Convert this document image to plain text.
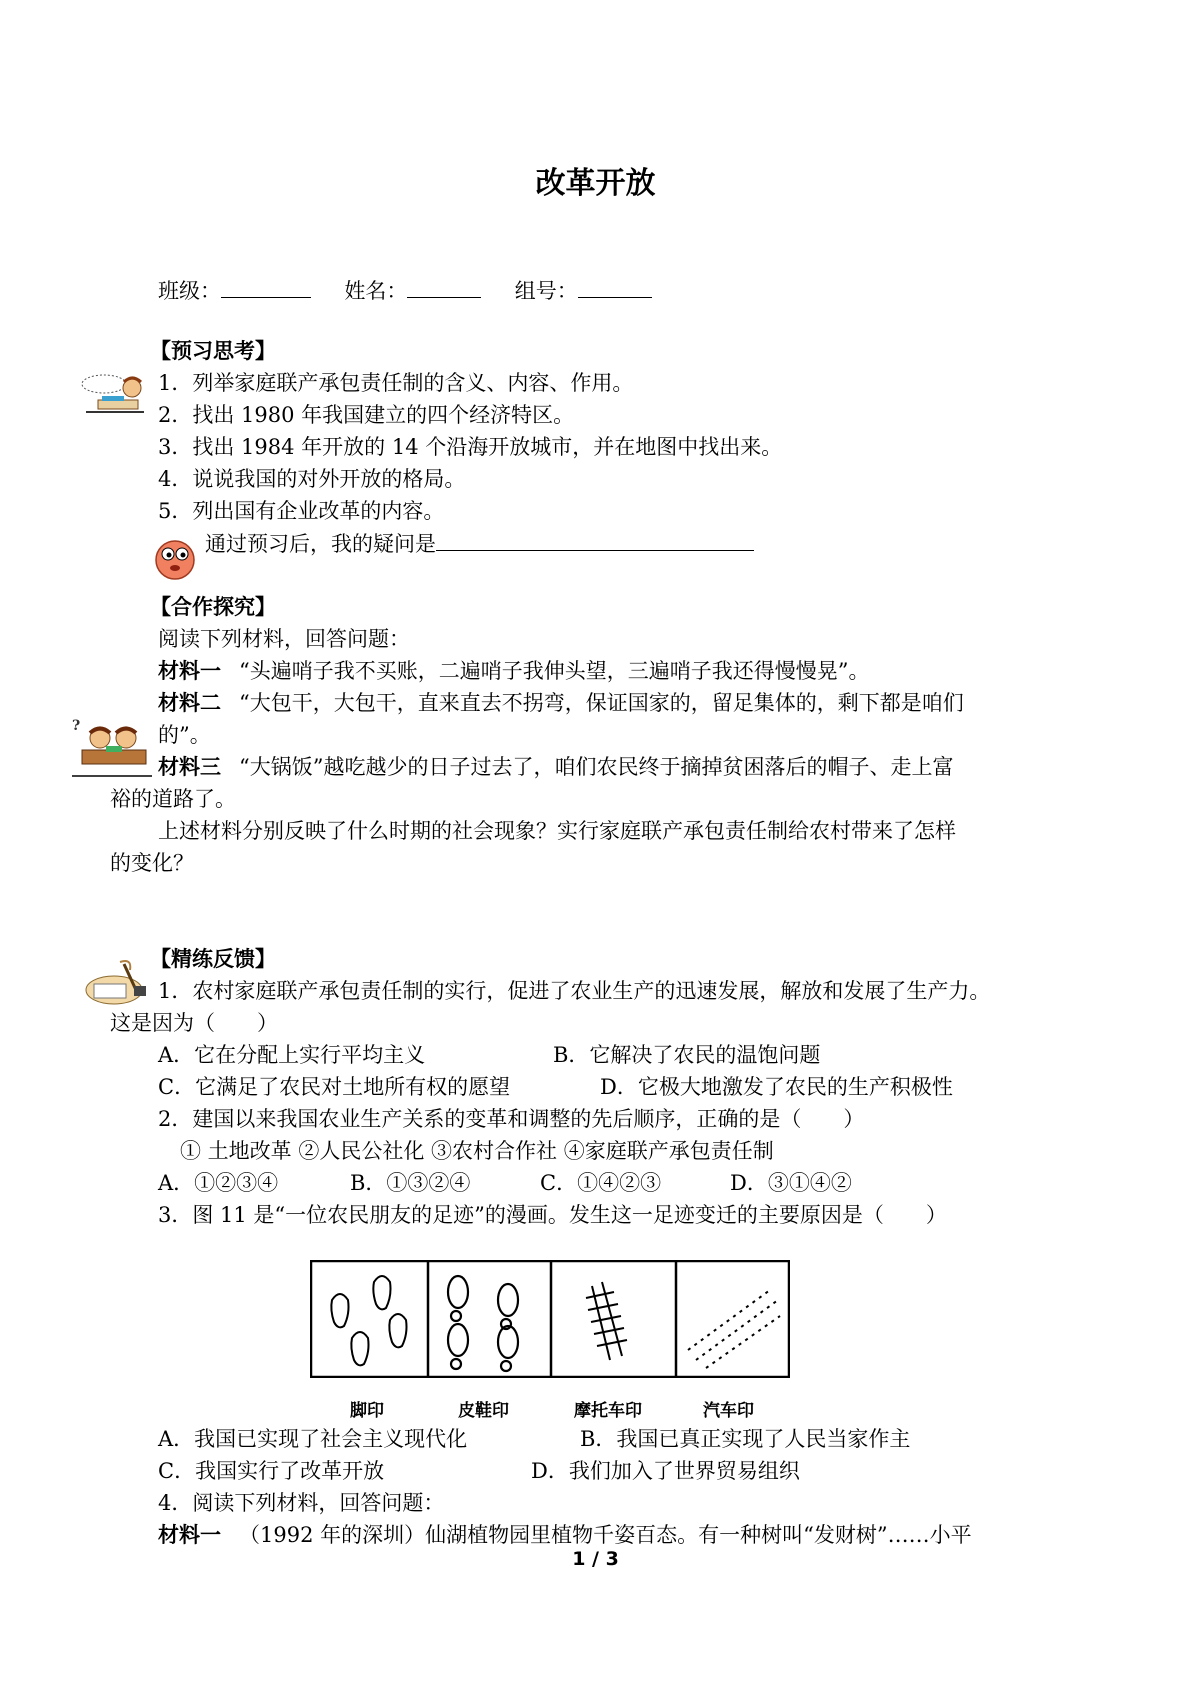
改革开放
班级：	姓名：	组号：
【预习思考】
1．列举家庭联产承包责任制的含义、内容、作用。
2．找出 1980 年我国建立的四个经济特区。
3．找出 1984 年开放的 14 个沿海开放城市，并在地图中找出来。
4．说说我国的对外开放的格局。
5．列出国有企业改革的内容。
通过预习后，我的疑问是
【合作探究】
阅读下列材料，回答问题：
材料一 “头遍哨子我不买账，二遍哨子我伸头望，三遍哨子我还得慢慢晃”。
材料二 “大包干，大包干，直来直去不拐弯，保证国家的，留足集体的，剩下都是咱们
的”。
?
材料三 “大锅饭”越吃越少的日子过去了，咱们农民终于摘掉贫困落后的帽子、走上富
裕的道路了。
上述材料分别反映了什么时期的社会现象？实行家庭联产承包责任制给农村带来了怎样
的变化？
【精练反馈】
1．农村家庭联产承包责任制的实行，促进了农业生产的迅速发展，解放和发展了生产力。
这是因为（　　）
A．它在分配上实行平均主义	B．它解决了农民的温饱问题
C．它满足了农民对土地所有权的愿望	D．它极大地激发了农民的生产积极性
2．建国以来我国农业生产关系的变革和调整的先后顺序，正确的是（　　）
① 土地改革 ②人民公社化 ③农村合作社 ④家庭联产承包责任制
A．①②③④	B．①③②④	C．①④②③	D．③①④②
3．图 11 是“一位农民朋友的足迹”的漫画。发生这一足迹变迁的主要原因是（　　）
脚印	皮鞋印	摩托车印	汽车印
A．我国已实现了社会主义现代化	B．我国已真正实现了人民当家作主
C．我国实行了改革开放	D．我们加入了世界贸易组织
4．阅读下列材料，回答问题：
材料一 （1992 年的深圳）仙湖植物园里植物千姿百态。有一种树叫“发财树”……小平
1 / 3
